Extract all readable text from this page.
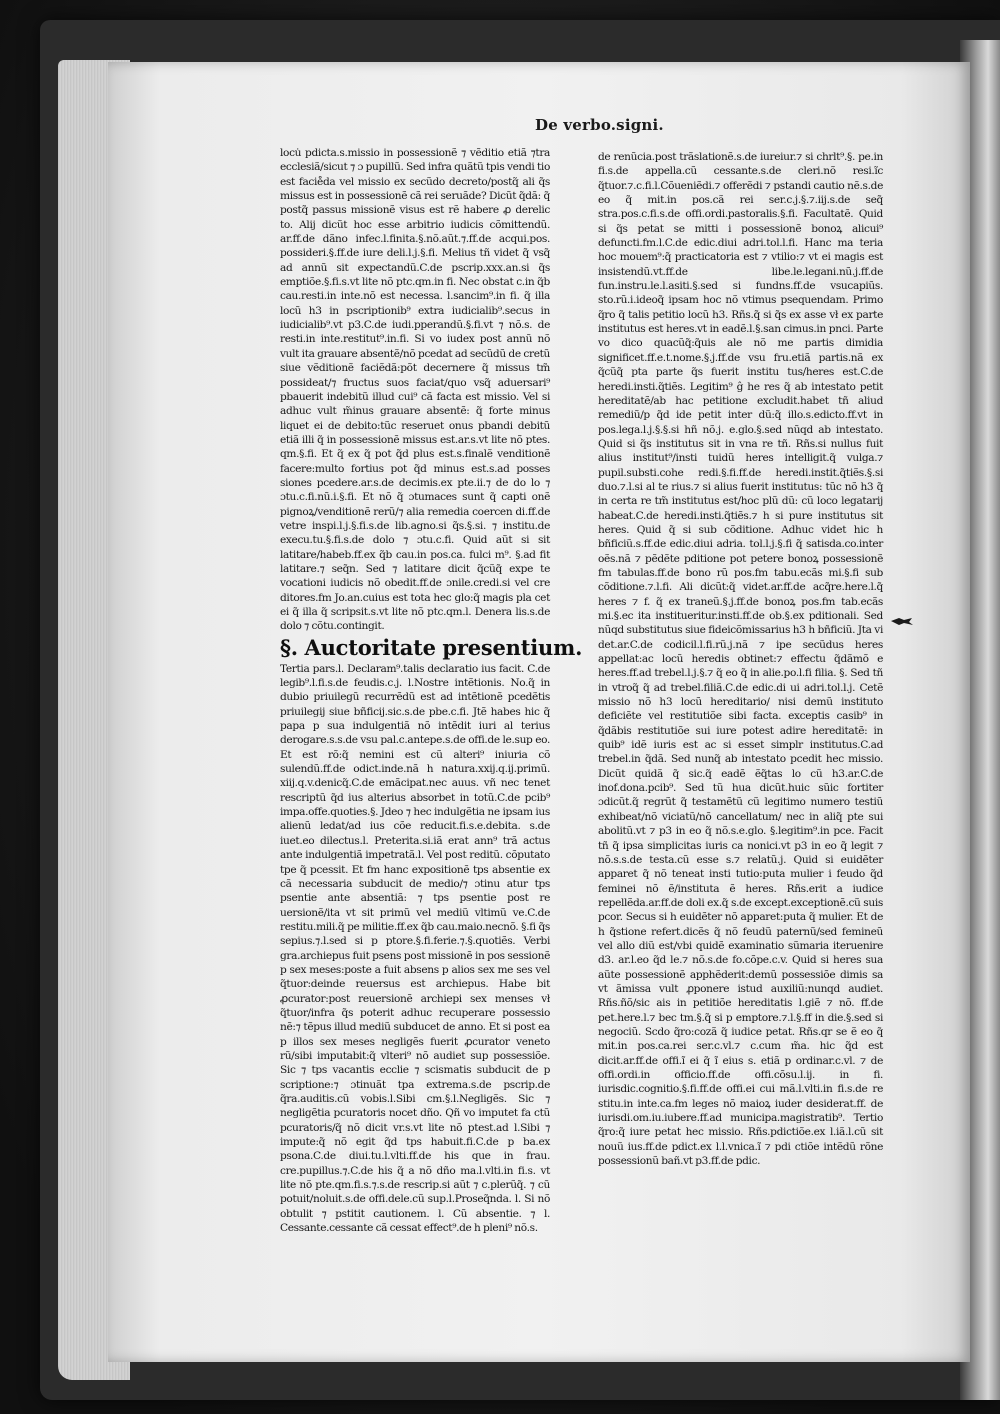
De verbo.signi.

locu̇ pdicta.s.missio in possessionẽ ⁊ vẽditio etiã ⁊tra ecclesiã/sicut ⁊ ɔ pupillũ. Sed infra quãtũ tpis vendi tio est facie̊da vel missio ex secũdo decreto/postq̃ ali q̃s missus est in possessionẽ cã rei seruãde? Dicũt q̃dã: q̃ postq̃ passus missionẽ visus est rẽ habere ꝓ derelic to. Alij dicũt hoc esse arbitrio iudicis cõmittendũ. ar.ff.de dãno infec.l.finita.§.nõ.aũt.⁊.ff.de acqui.pos. possideri.§.ff.de iure deli.l.j.§.fi. Melius tñ videt q̃ vsq̃ ad annũ sit expectandũ.C.de pscrip.xxx.an.si q̃s emptiõe.§.fi.s.vt lite nõ ptc.qm.in fi. Nec obstat c.in q̃b cau.resti.in inte.nõ est necessa. l.sancim⁹.in fi. q̃ illa locũ h3 in pscriptionib⁹ extra iudicialib⁹.secus in iudicialib⁹.vt p3.C.de iudi.pperandũ.§.fi.vt ⁊ nõ.s. de resti.in inte.restitut⁹.in.fi. Si vo iudex post annũ nõ vult ita grauare absentẽ/nõ pcedat ad secũdũ de cretũ siue vẽditionẽ faciẽdã:põt decernere q̃ missus tm̃ possideat/⁊ fructus suos faciat/quo vsq̃ aduersari⁹ pbauerit indebitũ illud cui⁹ cã facta est missio. Vel si adhuc vult m̃inus grauare absentẽ: q̃ forte minus liquet ei de debito:tũc reseruet onus pbandi debitũ etiã illi q̃ in possessionẽ missus est.ar.s.vt lite nõ ptes. qm.§.fi. Et q̃ ex q̃ pot q̃d plus est.s.finalẽ venditionẽ facere:multo fortius pot q̃d minus est.s.ad posses siones pcedere.ar.s.de decimis.ex pte.ii.⁊ de do lo ⁊ ɔtu.c.fi.nũ.i.§.fi. Et nõ q̃ ɔtumaces sunt q̃ capti onẽ pignoꝝ/venditionẽ rerũ/⁊ alia remedia coercen di.ff.de vetre inspi.l.j.§.fi.s.de lib.agno.si q̃s.§.si. ⁊ institu.de execu.tu.§.fi.s.de dolo ⁊ ɔtu.c.fi. Quid aũt si sit latitare/habeb.ff.ex q̃b cau.in pos.ca. fulci m⁹. §.ad fit latitare.⁊ seq̃n. Sed ⁊ latitare dicit q̃cũq̃ expe te vocationi iudicis nõ obedit.ff.de ɔnile.credi.si vel cre ditores.fm Jo.an.cuius est tota hec glo:q̃ magis pla cet ei q̃ illa q̃ scripsit.s.vt lite nõ ptc.qm.l. Denera lis.s.de dolo ⁊ cõtu.contingit.

§. Auctoritate presentium.

Tertia pars.l. Declaram⁹.talis declaratio ius facit. C.de legib⁹.l.fi.s.de feudis.c.j. l.Nostre intẽtionis. No.q̃ in dubio priuilegũ recurrẽdũ est ad intẽtionẽ pcedẽtis priuilegij siue bñficij.sic.s.de pbe.c.fi. Jtẽ habes hic q̃ papa p sua indulgentiã nõ intẽdit iuri al terius derogare.s.s.de vsu pal.c.antepe.s.de offi.de le.sup eo. Et est rõ:q̃ nemini est cũ alteri⁹ iniuria cõ sulendũ.ff.de odict.inde.nã h natura.xxij.q.ij.primũ. xiij.q.v.denicq̃.C.de emãcipat.nec auus. vñ nec tenet rescriptũ q̃d ius alterius absorbet in totũ.C.de pcib⁹ impa.offe.quoties.§. Jdeo ⁊ hec indulgẽtia ne ipsam ius alienũ ledat/ad ius cõe reducit.fi.s.e.debita. s.de iuet.eo dilectus.l. Preterita.si.iã erat ann⁹ trã actus ante indulgentiã impetratã.l. Vel post reditũ. cõputato tpe q̃ pcessit. Et fm hanc expositionẽ tps absentie ex cã necessaria subducit de medio/⁊ ɔtinu atur tps psentie ante absentiã: ⁊ tps psentie post re uersionẽ/ita vt sit primũ vel mediũ vltimũ ve.C.de restitu.mili.q̃ pe militie.ff.ex q̃b cau.maio.necnõ. §.fi q̃s sepius.⁊.l.sed si p ptore.§.fi.ferie.⁊.§.quotiẽs. Verbi gra.archiepus fuit psens post missionẽ in pos sessionẽ p sex meses:poste a fuit absens p alios sex me ses vel q̃tuor:deinde reuersus est archiepus. Habe bit ꝓcurator:post reuersionẽ archiepi sex menses vł q̃tuor/infra q̃s poterit adhuc recuperare possessio nẽ:⁊ tẽpus illud mediũ subducet de anno. Et si post ea p illos sex meses negligẽs fuerit ꝓcurator veneto rũ/sibi imputabit:q̃ vlteri⁹ nõ audiet sup possessiõe. Sic ⁊ tps vacantis ecclie ⁊ scismatis subducit de p scriptione:⁊ ɔtinuãt tpa extrema.s.de pscrip.de q̃ra.auditis.cũ vobis.l.Sibi cm.§.l.Negligẽs. Sic ⁊ negligẽtia pcuratoris nocet dño. Qñ vo imputet fa ctũ pcuratoris/q̃ nõ dicit vr.s.vt lite nõ ptest.ad l.Sibi ⁊ impute:q̃ nõ egit q̃d tps habuit.fi.C.de p ba.ex psona.C.de diui.tu.l.vlti.ff.de his que in frau. cre.pupillus.⁊.C.de his q̃ a nõ dño ma.l.vlti.in fi.s. vt lite nõ pte.qm.fi.s.⁊.s.de rescrip.si aũt ⁊ c.plerũq̃. ⁊ cũ potuit/noluit.s.de offi.dele.cũ sup.l.Proseq̃nda. l. Si nõ obtulit ⁊ pstitit cautionem. l. Cũ absentie. ⁊ l. Cessante.cessante cã cessat effect⁹.de h pleni⁹ nõ.s.

de renũcia.post trãslationẽ.s.de iureiur.⁊ si chrlt⁹.§. pe.in fi.s.de appella.cũ cessante.s.de cleri.nõ resi.ĩc q̃tuor.⁊.c.fi.l.Cõueniẽdi.⁊ offerẽdi ⁊ pstandi cautio nẽ.s.de eo q̃ mit.in pos.cã rei ser.c.j.§.⁊.iij.s.de seq̃ stra.pos.c.fi.s.de offi.ordi.pastoralis.§.fi. Facultatẽ. Quid si q̃s petat se mitti i possessionẽ bonoꝝ alicui⁹ defuncti.fm.l.C.de edic.diui adri.tol.l.fi. Hanc ma teria hoc mouem⁹:q̃ practicatoria est ⁊ vtilio:⁊ vt ei magis est insistendũ.vt.ff.de libe.le.legani.nũ.j.ff.de fun.instru.le.l.asiti.§.sed si fundns.ff.de vsucapiũs. sto.rũ.i.ideoq̃ ipsam hoc nõ vtimus psequendam. Primo q̃ro q̃ talis petitio locũ h3. Rñs.q̃ si q̃s ex asse vł ex parte institutus est heres.vt in eadẽ.l.§.san cimus.in pnci. Parte vo dico quacũq̃:q̃uis ale nõ me partis dimidia significet.ff.e.t.nome.§.j.ff.de vsu fru.etiã partis.nã ex q̃cũq̃ pta parte q̃s fuerit institu tus/heres est.C.de heredi.insti.q̃tiẽs. Legitim⁹ ĝ he res q̃ ab intestato petit hereditatẽ/ab hac petitione excludit.habet tñ aliud remediũ/p q̃d ide petit inter dũ:q̃ illo.s.edicto.ff.vt in pos.lega.l.j.§.§.si hñ nõ.j. e.glo.§.sed nũqd ab intestato. Quid si q̃s institutus sit in vna re tñ. Rñs.si nullus fuit alius institut⁹/insti tuidũ heres intelligit.q̃ vulga.⁊ pupil.substi.cohe redi.§.fi.ff.de heredi.instit.q̃tiẽs.§.si duo.⁊.l.si al te rius.⁊ si alius fuerit institutus: tũc nõ h3 q̃ in certa re tm̃ institutus est/hoc plũ dũ: cũ loco legatarij habeat.C.de heredi.insti.q̃tiẽs.⁊ h si pure institutus sit heres. Quid q̃ si sub cõditione. Adhuc videt hic h bñficiũ.s.ff.de edic.diui adria. tol.l.j.§.fi q̃ satisda.co.inter oẽs.nã ⁊ pẽdẽte pditione pot petere bonoꝝ possessionẽ fm tabulas.ff.de bono rũ pos.fm tabu.ecãs mi.§.fi sub cõditione.⁊.l.fi. Ali dicũt:q̃ videt.ar.ff.de acq̃re.here.l.q̃ heres ⁊ f. q̃ ex traneũ.§.j.ff.de bonoꝝ pos.fm tab.ecãs mi.§.ec ita institueritur.insti.ff.de ob.§.ex pditionali. Sed nũqd substitutus siue fideicõmissarius h3 h bñficiũ. Jta vi det.ar.C.de codicil.l.fi.rũ.j.nã ⁊ ipe secũdus heres appellat:ac locũ heredis obtinet:⁊ effectu q̃dãmõ e heres.ff.ad trebel.l.j.§.⁊ q̃ eo q̃ in alie.po.l.fi filia. §. Sed tñ in vtroq̃ q̃ ad trebel.filiã.C.de edic.di ui adri.tol.l.j. Cetẽ missio nõ h3 locũ hereditario/ nisi demũ instituto deficiẽte vel restitutiõe sibi facta. exceptis casib⁹ in q̃dãbis restitutiõe sui iure potest adire hereditatẽ: in quib⁹ idẽ iuris est ac si esset simplr institutus.C.ad trebel.in q̃dã. Sed nunq̃ ab intestato pcedit hec missio. Dicũt quidã q̃ sic.q̃ eadẽ ẽq̃tas lo cũ h3.ar.C.de inof.dona.pcib⁹. Sed tũ hua dicũt.huic sũic fortiter ɔdicũt.q̃ regrũt q̃ testamẽtũ cũ legitimo numero testiũ exhibeat/nõ viciatũ/nõ cancellatum/ nec in aliq̃ pte sui abolitũ.vt ⁊ p3 in eo q̃ nõ.s.e.glo. §.legitim⁹.in pce. Facit tñ q̃ ipsa simplicitas iuris ca nonici.vt p3 in eo q̃ legit ⁊ nõ.s.s.de testa.cũ esse s.⁊ relatũ.j. Quid si euidẽter apparet q̃ nõ teneat insti tutio:puta mulier i feudo q̃d feminei nõ ẽ/instituta ẽ heres. Rñs.erit a iudice repellẽda.ar.ff.de doli ex.q̃ s.de except.exceptionẽ.cũ suis pcor. Secus si h euidẽter nõ apparet:puta q̃ mulier. Et de h q̃stione refert.dicẽs q̃ nõ feudũ paternũ/sed femineũ vel allo diũ est/vbi quidẽ examinatio sũmaria iteruenire d3. ar.l.eo q̃d le.⁊ nõ.s.de fo.cõpe.c.v. Quid si heres sua aũte possessionẽ apphẽderit:demũ possessiõe dimis sa vt ãmissa vult ꝓponere istud auxiliũ:nunqd audiet. Rñs.ñõ/sic ais in petitiõe hereditatis l.giẽ ⁊ nõ. ff.de pet.here.l.⁊ bec tm.§.q̃ si p emptore.⁊.l.§.ff in die.§.sed si negociũ. Scdo q̃ro:cozã q̃ iudice petat. Rñs.qr se ẽ eo q̃ mit.in pos.ca.rei ser.c.vl.⁊ c.cum m̃a. hic q̃d est dicit.ar.ff.de offi.ĩ ei q̃ ĩ eius s. etiã p ordinar.c.vl. ⁊ de offi.ordi.in officio.ff.de offi.cõsu.l.ij. in fi. iurisdic.cognitio.§.fi.ff.de offi.ei cui mã.l.vlti.in fi.s.de re stitu.in inte.ca.fm leges nõ maioꝝ iuder desiderat.ff. de iurisdi.om.iu.iubere.ff.ad municipa.magistratib⁹. Tertio q̃ro:q̃ iure petat hec missio. Rñs.pdictiõe.ex l.iã.l.cũ sit nouũ ius.ff.de pdict.ex l.l.vnica.ĩ ⁊ pdi ctiõe intẽdũ rõne possessionũ bañ.vt p3.ff.de pdic.
